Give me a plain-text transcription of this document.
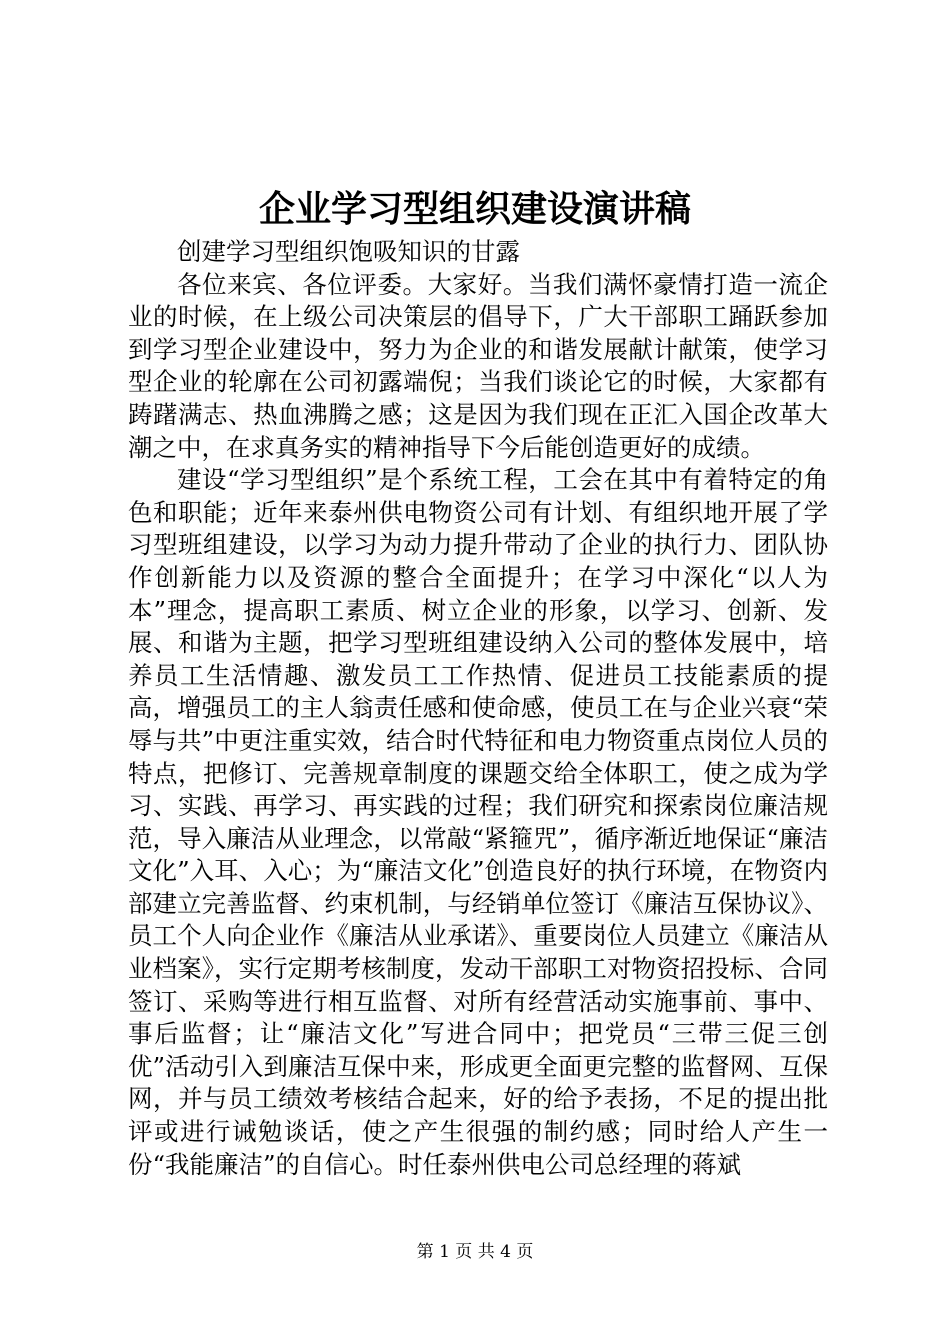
企业学习型组织建设演讲稿

创建学习型组织饱吸知识的甘露

各位来宾、各位评委。大家好。当我们满怀豪情打造一流企业的时候，在上级公司决策层的倡导下，广大干部职工踊跃参加到学习型企业建设中，努力为企业的和谐发展献计献策，使学习型企业的轮廓在公司初露端倪；当我们谈论它的时候，大家都有踌躇满志、热血沸腾之感；这是因为我们现在正汇入国企改革大潮之中，在求真务实的精神指导下今后能创造更好的成绩。

建设“学习型组织”是个系统工程，工会在其中有着特定的角色和职能；近年来泰州供电物资公司有计划、有组织地开展了学习型班组建设，以学习为动力提升带动了企业的执行力、团队协作创新能力以及资源的整合全面提升；在学习中深化“以人为本”理念，提高职工素质、树立企业的形象，以学习、创新、发展、和谐为主题，把学习型班组建设纳入公司的整体发展中，培养员工生活情趣、激发员工工作热情、促进员工技能素质的提高，增强员工的主人翁责任感和使命感，使员工在与企业兴衰“荣辱与共”中更注重实效，结合时代特征和电力物资重点岗位人员的特点，把修订、完善规章制度的课题交给全体职工，使之成为学习、实践、再学习、再实践的过程；我们研究和探索岗位廉洁规范，导入廉洁从业理念，以常敲“紧箍咒”，循序渐近地保证“廉洁文化”入耳、入心；为“廉洁文化”创造良好的执行环境，在物资内部建立完善监督、约束机制，与经销单位签订《廉洁互保协议》、员工个人向企业作《廉洁从业承诺》、重要岗位人员建立《廉洁从业档案》，实行定期考核制度，发动干部职工对物资招投标、合同签订、采购等进行相互监督、对所有经营活动实施事前、事中、事后监督；让“廉洁文化”写进合同中；把党员“三带三促三创优”活动引入到廉洁互保中来，形成更全面更完整的监督网、互保网，并与员工绩效考核结合起来，好的给予表扬，不足的提出批评或进行诫勉谈话，使之产生很强的制约感；同时给人产生一份“我能廉洁”的自信心。时任泰州供电公司总经理的蒋斌

第 1 页 共 4 页
